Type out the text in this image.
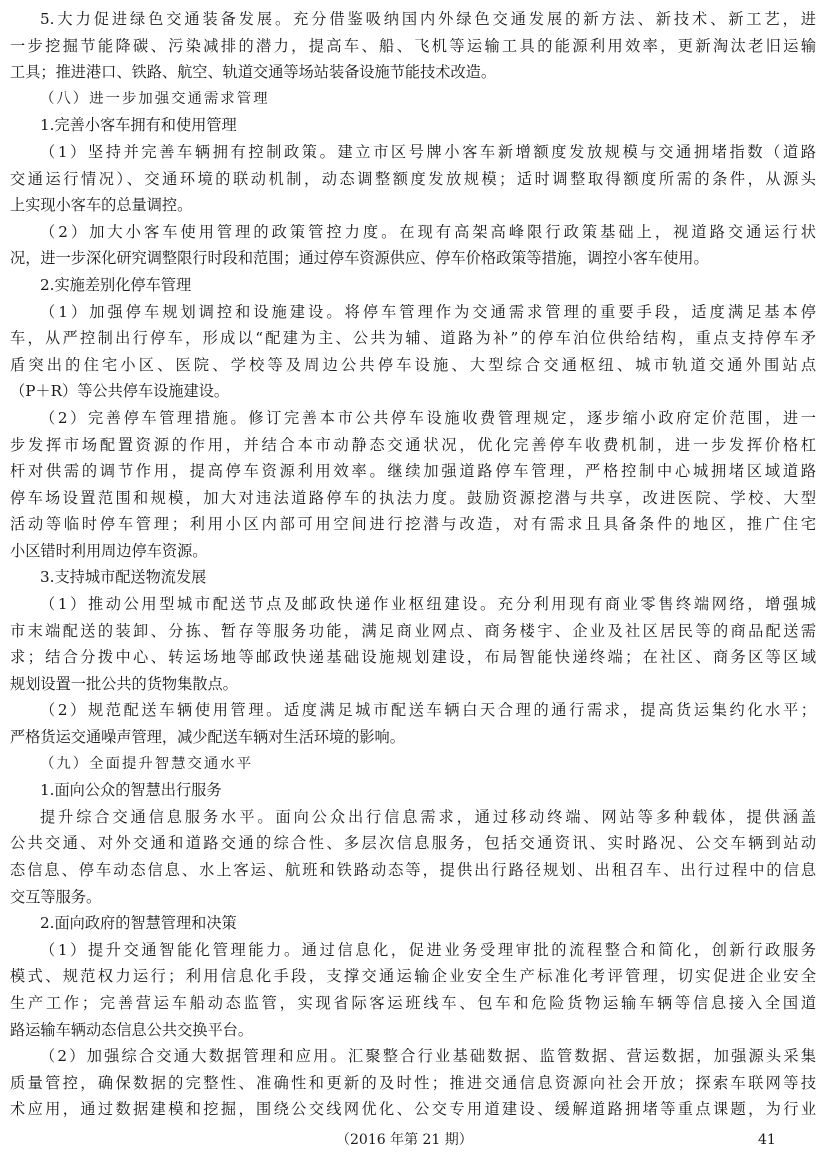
5.大力促进绿色交通装备发展。充分借鉴吸纳国内外绿色交通发展的新方法、新技术、新工艺，进
一步挖掘节能降碳、污染减排的潜力，提高车、船、飞机等运输工具的能源利用效率，更新淘汰老旧运输
工具；推进港口、铁路、航空、轨道交通等场站装备设施节能技术改造。
（八）进一步加强交通需求管理
1.完善小客车拥有和使用管理
（1）坚持并完善车辆拥有控制政策。建立市区号牌小客车新增额度发放规模与交通拥堵指数（道路
交通运行情况）、交通环境的联动机制，动态调整额度发放规模；适时调整取得额度所需的条件，从源头
上实现小客车的总量调控。
（2）加大小客车使用管理的政策管控力度。在现有高架高峰限行政策基础上，视道路交通运行状
况，进一步深化研究调整限行时段和范围；通过停车资源供应、停车价格政策等措施，调控小客车使用。
2.实施差别化停车管理
（1）加强停车规划调控和设施建设。将停车管理作为交通需求管理的重要手段，适度满足基本停
车，从严控制出行停车，形成以“配建为主、公共为辅、道路为补”的停车泊位供给结构，重点支持停车矛
盾突出的住宅小区、医院、学校等及周边公共停车设施、大型综合交通枢纽、城市轨道交通外围站点
（P＋R）等公共停车设施建设。
（2）完善停车管理措施。修订完善本市公共停车设施收费管理规定，逐步缩小政府定价范围，进一
步发挥市场配置资源的作用，并结合本市动静态交通状况，优化完善停车收费机制，进一步发挥价格杠
杆对供需的调节作用，提高停车资源利用效率。继续加强道路停车管理，严格控制中心城拥堵区域道路
停车场设置范围和规模，加大对违法道路停车的执法力度。鼓励资源挖潜与共享，改进医院、学校、大型
活动等临时停车管理；利用小区内部可用空间进行挖潜与改造，对有需求且具备条件的地区，推广住宅
小区错时利用周边停车资源。
3.支持城市配送物流发展
（1）推动公用型城市配送节点及邮政快递作业枢纽建设。充分利用现有商业零售终端网络，增强城
市末端配送的装卸、分拣、暂存等服务功能，满足商业网点、商务楼宇、企业及社区居民等的商品配送需
求；结合分拨中心、转运场地等邮政快递基础设施规划建设，布局智能快递终端；在社区、商务区等区域
规划设置一批公共的货物集散点。
（2）规范配送车辆使用管理。适度满足城市配送车辆白天合理的通行需求，提高货运集约化水平；
严格货运交通噪声管理，减少配送车辆对生活环境的影响。
（九）全面提升智慧交通水平
1.面向公众的智慧出行服务
提升综合交通信息服务水平。面向公众出行信息需求，通过移动终端、网站等多种载体，提供涵盖
公共交通、对外交通和道路交通的综合性、多层次信息服务，包括交通资讯、实时路况、公交车辆到站动
态信息、停车动态信息、水上客运、航班和铁路动态等，提供出行路径规划、出租召车、出行过程中的信息
交互等服务。
2.面向政府的智慧管理和决策
（1）提升交通智能化管理能力。通过信息化，促进业务受理审批的流程整合和简化，创新行政服务
模式、规范权力运行；利用信息化手段，支撑交通运输企业安全生产标准化考评管理，切实促进企业安全
生产工作；完善营运车船动态监管，实现省际客运班线车、包车和危险货物运输车辆等信息接入全国道
路运输车辆动态信息公共交换平台。
（2）加强综合交通大数据管理和应用。汇聚整合行业基础数据、监管数据、营运数据，加强源头采集
质量管控，确保数据的完整性、准确性和更新的及时性；推进交通信息资源向社会开放；探索车联网等技
术应用，通过数据建模和挖掘，围绕公交线网优化、公交专用道建设、缓解道路拥堵等重点课题，为行业
（2016 年第 21 期）	41
